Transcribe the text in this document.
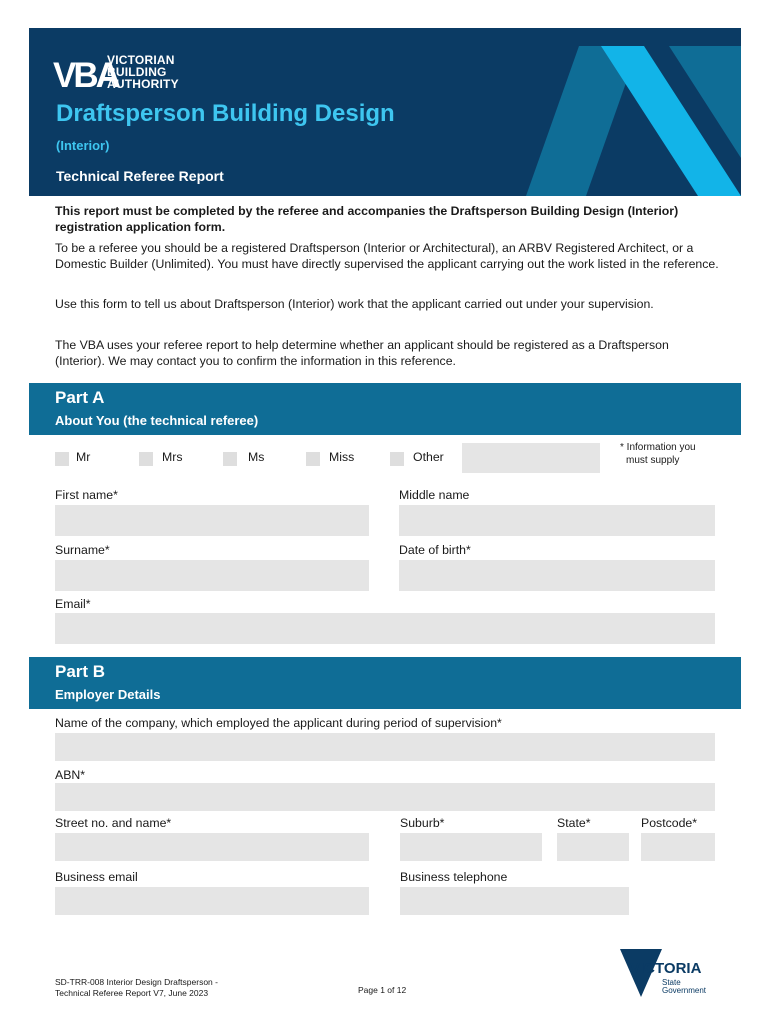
VBA
VICTORIAN
BUILDING
AUTHORITY
Draftsperson Building Design
(Interior)
Technical Referee Report
This report must be completed by the referee and accompanies the Draftsperson Building Design (Interior) registration application form.
To be a referee you should be a registered Draftsperson (Interior or Architectural), an ARBV Registered Architect, or a Domestic Builder (Unlimited). You must have directly supervised the applicant carrying out the work listed in the reference.
Use this form to tell us about Draftsperson (Interior) work that the applicant carried out under your supervision.
The VBA uses your referee report to help determine whether an applicant should be registered as a Draftsperson (Interior). We may contact you to confirm the information in this reference.
Part A
About You (the technical referee)
Mr	Mrs	Ms	Miss	Other
* Information you
must supply
First name*	Middle name
Surname*	Date of birth*
Email*
Part B
Employer Details
Name of the company, which employed the applicant during period of supervision*
ABN*
Street no. and name*	Suburb*	State*	Postcode*
Business email	Business telephone
SD-TRR-008 Interior Design Draftsperson -
Technical Referee Report V7, June 2023	Page 1 of 12
VICTORIA
State
Government
